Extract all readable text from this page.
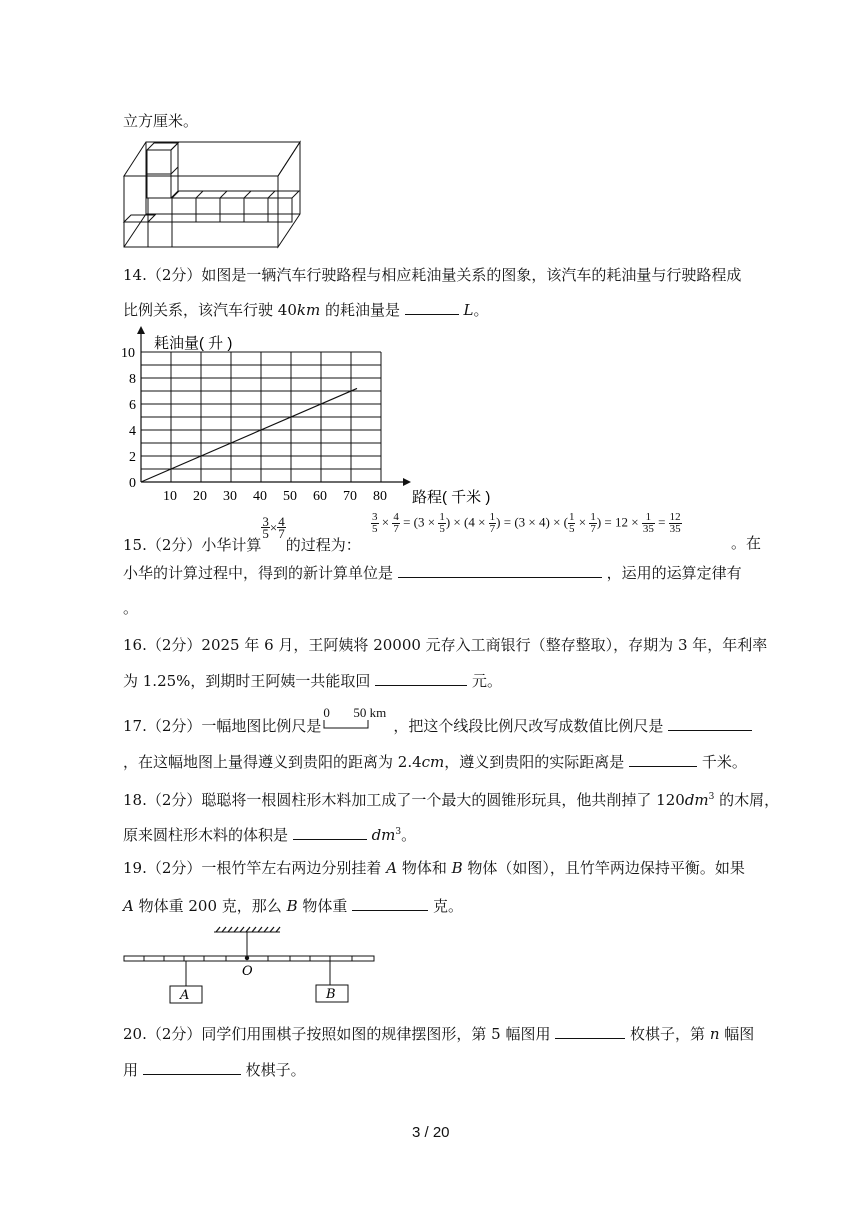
立方厘米。
14.（2分）如图是一辆汽车行驶路程与相应耗油量关系的图象，该汽车的耗油量与行驶路程成
比例关系，该汽车行驶 40km 的耗油量是	L。
10 20 30 40 50 60 70 80
10
8
6
4
2
0
耗油量( 升 )
路程( 千米 )
15.（2分）小华计算
$\frac{3}{5} \times \frac{4}{7}$
的过程为：
$\frac{3}{5} \times \frac{4}{7} = (3 \times \frac{1}{5}$ ) × ($4 \times \frac{1}{7}$ ) = (3 × 4) × ( $\frac{1}{5} \times \frac{1}{7}$ ) = $12 \times \frac{1}{35} = \frac{12}{35}$
。在
小华的计算过程中，得到的新计算单位是	，运用的运算定律有
。
16.（2分）2025 年 6 月，王阿姨将 20000 元存入工商银行（整存整取），存期为 3 年，年利率
为 1.25%，到期时王阿姨一共能取回	元。
17.（2分）一幅地图比例尺是
0 50 km
，把这个线段比例尺改写成数值比例尺是
，在这幅地图上量得遵义到贵阳的距离为 2.4cm，遵义到贵阳的实际距离是	千米。
18.（2分）聪聪将一根圆柱形木料加工成了一个最大的圆锥形玩具，他共削掉了 $120dm^3$ 的木屑，
原来圆柱形木料的体积是	$dm^3$。
19.（2分）一根竹竿左右两边分别挂着 A 物体和 B 物体（如图），且竹竿两边保持平衡。如果
A 物体重 200 克，那么 B 物体重	克。
O
A	B
20.（2分）同学们用围棋子按照如图的规律摆图形，第 5 幅图用	枚棋子，第 n 幅图
用	枚棋子。
3 / 20
